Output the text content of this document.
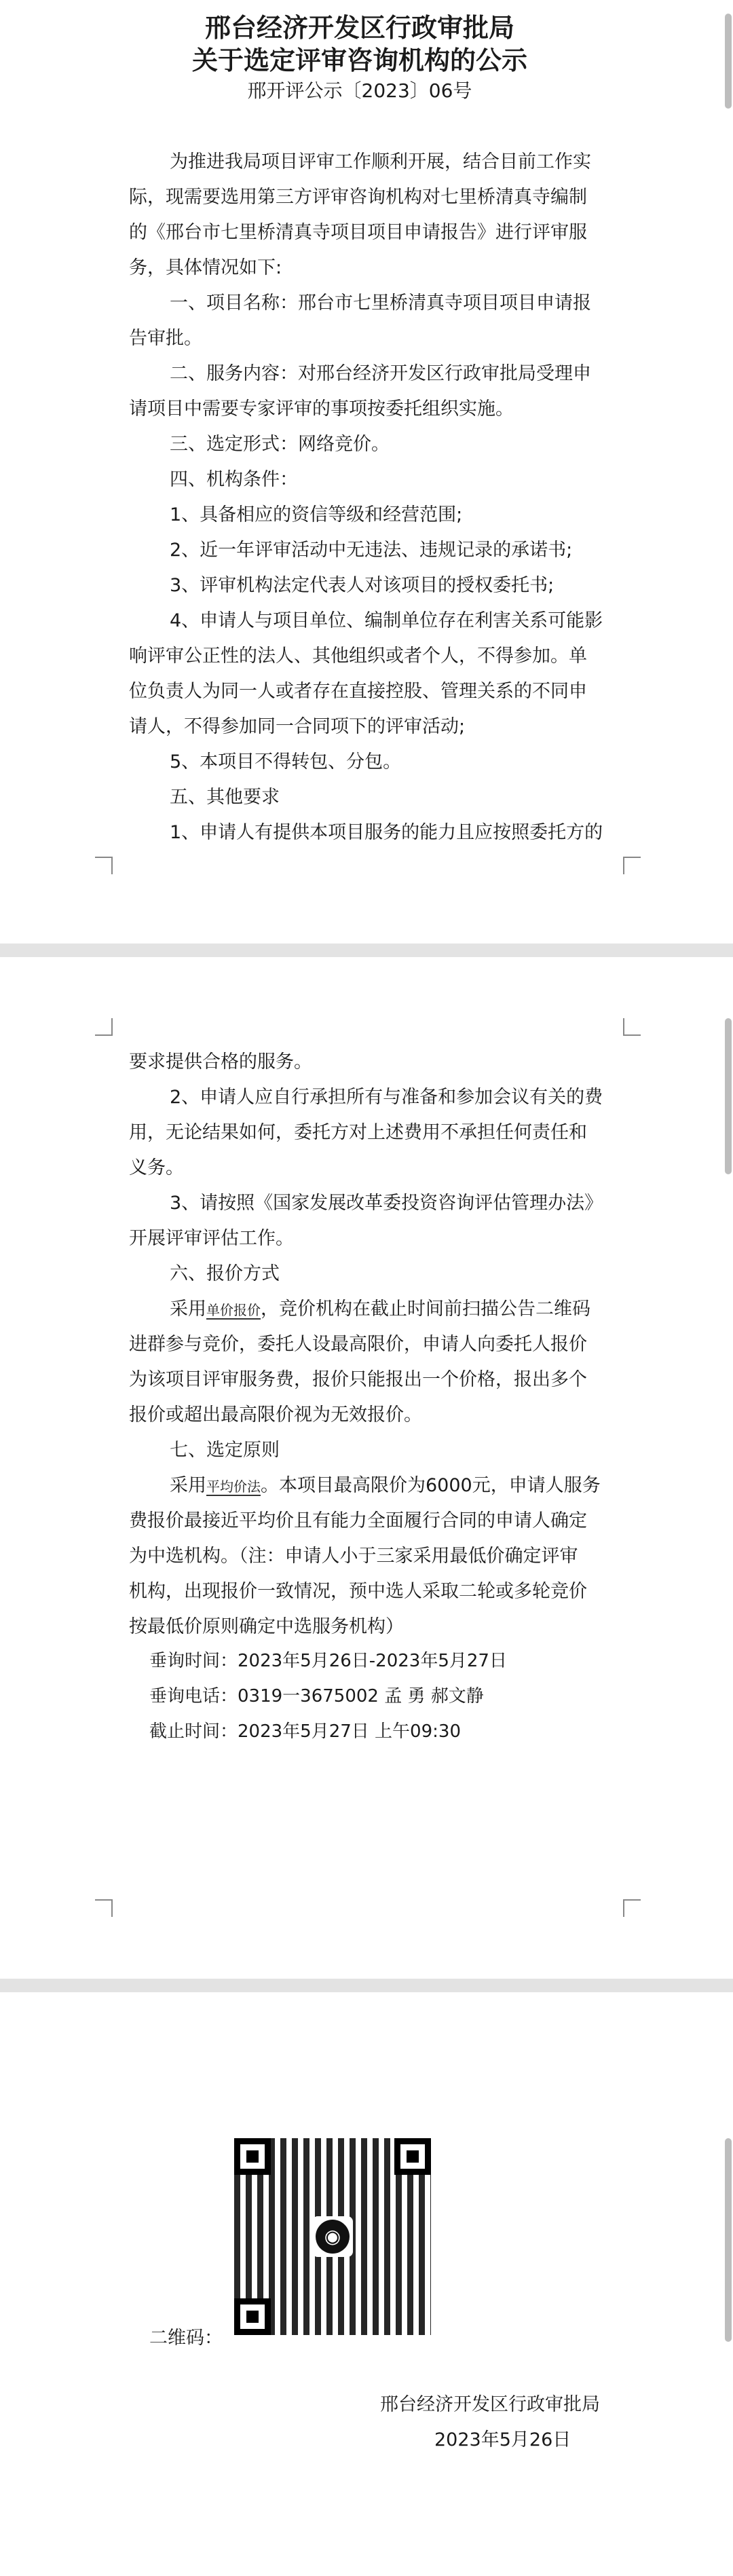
邢台经济开发区行政审批局
关于选定评审咨询机构的公示
邢开评公示〔2023〕06号
为推进我局项目评审工作顺利开展，结合目前工作实
际，现需要选用第三方评审咨询机构对七里桥清真寺编制
的《邢台市七里桥清真寺项目项目申请报告》进行评审服
务，具体情况如下:
一、项目名称：邢台市七里桥清真寺项目项目申请报
告审批。
二、服务内容：对邢台经济开发区行政审批局受理申
请项目中需要专家评审的事项按委托组织实施。
三、选定形式：网络竞价。
四、机构条件：
1、具备相应的资信等级和经营范围;
2、近一年评审活动中无违法、违规记录的承诺书;
3、评审机构法定代表人对该项目的授权委托书;
4、申请人与项目单位、编制单位存在利害关系可能影
响评审公正性的法人、其他组织或者个人，不得参加。单
位负责人为同一人或者存在直接控股、管理关系的不同申
请人，不得参加同一合同项下的评审活动;
5、本项目不得转包、分包。
五、其他要求
1、申请人有提供本项目服务的能力且应按照委托方的
要求提供合格的服务。
2、申请人应自行承担所有与准备和参加会议有关的费
用，无论结果如何，委托方对上述费用不承担任何责任和
义务。
3、请按照《国家发展改革委投资咨询评估管理办法》
开展评审评估工作。
六、报价方式
采用单价报价，竞价机构在截止时间前扫描公告二维码
进群参与竞价，委托人设最高限价，申请人向委托人报价
为该项目评审服务费，报价只能报出一个价格，报出多个
报价或超出最高限价视为无效报价。
七、选定原则
采用平均价法。本项目最高限价为6000元，申请人服务
费报价最接近平均价且有能力全面履行合同的申请人确定
为中选机构。（注：申请人小于三家采用最低价确定评审
机构，出现报价一致情况，预中选人采取二轮或多轮竞价
按最低价原则确定中选服务机构）
垂询时间：2023年5月26日-2023年5月27日
垂询电话：0319一3675002 孟 勇 郝文静
截止时间：2023年5月27日 上午09:30
◉
二维码：
邢台经济开发区行政审批局
2023年5月26日
